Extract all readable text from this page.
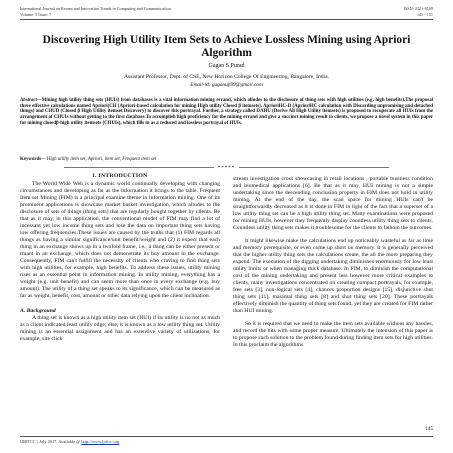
International Journal on Recent and Innovation Trends in Computing and Communication
Volume: 5 Issue: 7
ISSN: 2321-8169
145 - 151
Discovering High Utility Item Sets to Achieve Lossless Mining using Apriori Algorithm
Gagan S Purad
Assistant Professor, Dept. of CSE, New Horizon College Of Engineering, Bangalore, India.
Email-id: gaganup99@gmail.com
Abstract—Mining high utility thing sets (HUIs) from databases is a vital information mining errand, which alludes to the disclosure of thing sets with high utilities (e.g. high benefits).The proposal three effective calculations named Apriori(CH (Apriori-based calculation for mining High utility Closed β itemsets), AprioriHC-D (AprioriHC calculation with Discarding unpromising and detached things) and CHUD (Closed β High Utility itemset Discovery) to discover this portrayal. Further, a strategy called DAHU (Derive All High Utility itemsets) is proposed to recuperate all HUIs from the arrangement of CHUIs without getting to the first database.To accomplish high proficiency for the mining errand and give a succinct mining result to clients, we propose a novel system in this paper for mining closedβ-high utility itemsets (CHUIs), which fills in as a reduced and lossless portrayal of HUIs.
Keywords— High utility item set, Apriori, item set, Frequent item set
*****
I. INTRODUCTION

The World Wide Web is a dynamic world continually developing with changing circumstances and developing as far as the information it brings to the table. Frequent Item set Mining (FIM) is a principal examine theme in information mining. One of its prominent applications is showcase market basket investigation, which alludes to the disclosure of sets of things (thing sets) that are regularly bought together by clients. Be that as it may, in this application, the conventional model of FIM may find a lot of incessant yet low income thing sets and lose the data on important thing sets having low offering frequencies.These issues are caused by the truths that (1) FIM regards all things as having a similar significance/unit benefit/weight and (2) it expect that each thing in an exchange shows up in a twofold frame, i.e., a thing can be either present or truant in an exchange, which does not demonstrate its buy amount in the exchange. Consequently, FIM can't fulfill the necessity of clients who craving to find thing sets with high utilities, for example, high benefits. To address these issues, utility mining rises as an essential point in information mining. In utility mining, everything has a weight (e.g. unit benefit) and can seem more than once in every exchange (e.g. buy amount). The utility of a thing set speaks to its significance, which can be measured as far as weight, benefit, cost, amount or other data relying upon the client inclination.

A. Background

A thing set is known as a high utility item set (HUI) if its utility is no not as much as a client indicated least utility edge; else, it is known as a low utility thing set. Utility mining is an essential assignment and has an extensive variety of utilizations, for example, site click

stream investigation cross showcasing in retail locations , portable business condition and biomedical applications [6]. Be that as it may, HUI mining is not a simple undertaking since the descending conclusion property in FIM does not hold in utility mining. At the end of the day, the scan space for mining HUIs can't be straightforwardly decreased as it is done in FIM in light of the fact that a superset of a low utility thing set can be a high utility thing set. Many examinations were proposed for mining HUIs, however they frequently display countless utility thing sets to clients. Countless utility thing sets makes it troublesome for the clients to fathom the outcomes.

It might likewise make the calculations end up noticeably wasteful as far as time and memory prerequisite, or even come up short on memory. It is generally perceived that the higher utility thing sets the calculations create, the all the more preparing they expend. The execution of the digging undertaking diminishes enormously for low least utility limits or when managing thick database. In FIM, to diminish the computational cost of the mining undertaking and present less however more critical examples to clients, many investigations concentrated on creating compact portrayals, for example, free sets [3], non-logical sets [4], chances proportion designs [15], disjunctive shut thing sets [11], maximal thing sets [8] and shut thing sets [20]. These portrayals effectively diminish the quantity of thing sets found, yet they are created for FIM rather than HUI mining.

So it is required that we need to make the item sets available without any hassles, and record the hits with some proper measure. Ultimately the intension of this paper is to propose such solution to the problem found during finding item sets for high utilities. In this proclaim the algorithms

145
IJRITCC | July 2017, Available @ http://www.ijritcc.org
